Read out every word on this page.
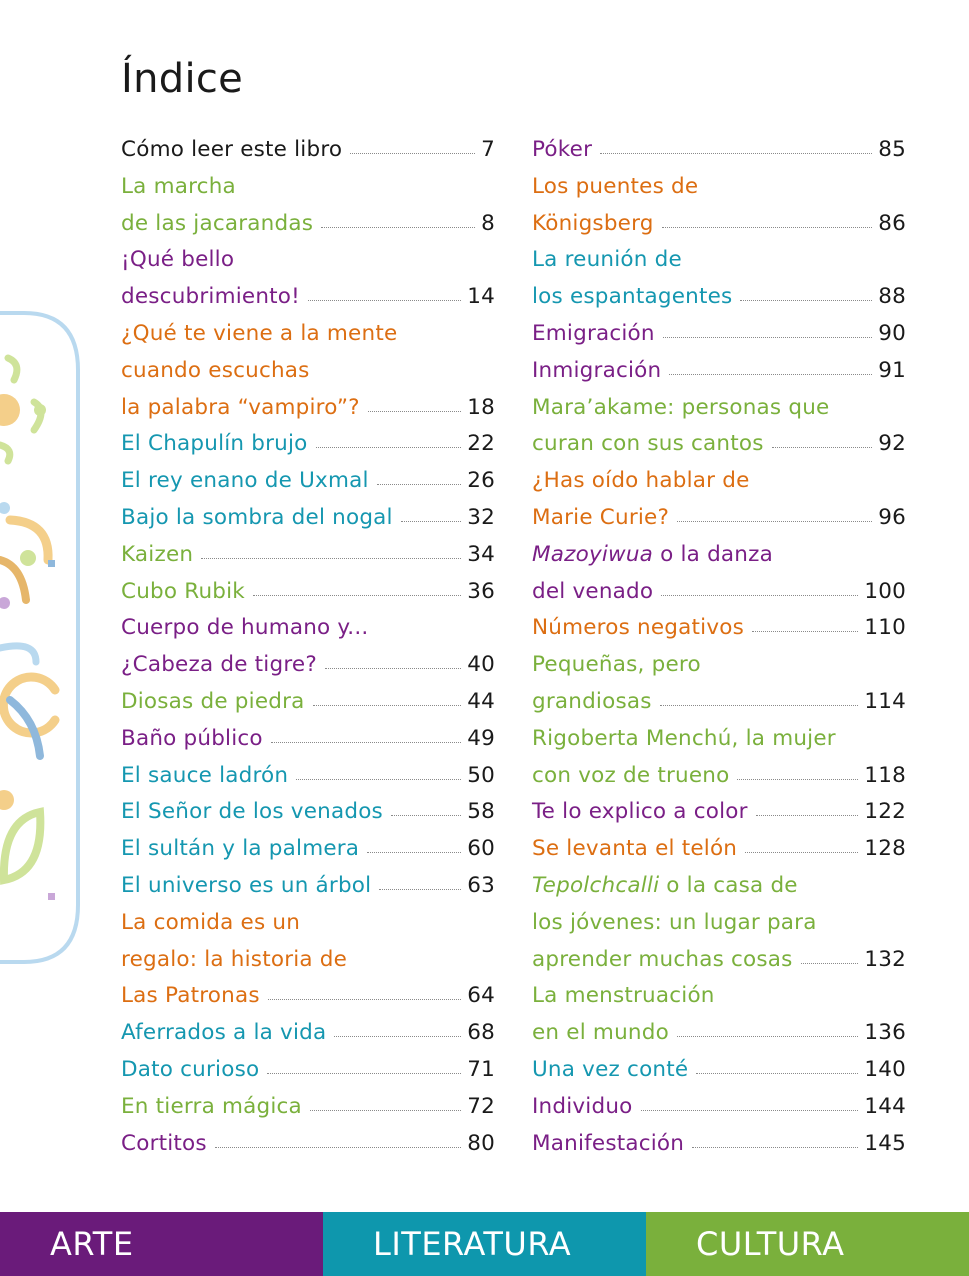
Índice
Cómo leer este libro	7
La marcha
de las jacarandas	8
¡Qué bello
descubrimiento!	14
¿Qué te viene a la mente
cuando escuchas
la palabra “vampiro”?	18
El Chapulín brujo	22
El rey enano de Uxmal	26
Bajo la sombra del nogal	32
Kaizen	34
Cubo Rubik	36
Cuerpo de humano y...
¿Cabeza de tigre?	40
Diosas de piedra	44
Baño público	49
El sauce ladrón	50
El Señor de los venados	58
El sultán y la palmera	60
El universo es un árbol	63
La comida es un
regalo: la historia de
Las Patronas	64
Aferrados a la vida	68
Dato curioso	71
En tierra mágica	72
Cortitos	80
Póker	85
Los puentes de
Königsberg	86
La reunión de
los espantagentes	88
Emigración	90
Inmigración	91
Mara’akame: personas que
curan con sus cantos	92
¿Has oído hablar de
Marie Curie?	96
Mazoyiwua o la danza
del venado	100
Números negativos	110
Pequeñas, pero
grandiosas	114
Rigoberta Menchú, la mujer
con voz de trueno	118
Te lo explico a color	122
Se levanta el telón	128
Tepolchcalli o la casa de
los jóvenes: un lugar para
aprender muchas cosas	132
La menstruación
en el mundo	136
Una vez conté	140
Individuo	144
Manifestación	145
ARTE	LITERATURA	CULTURA
